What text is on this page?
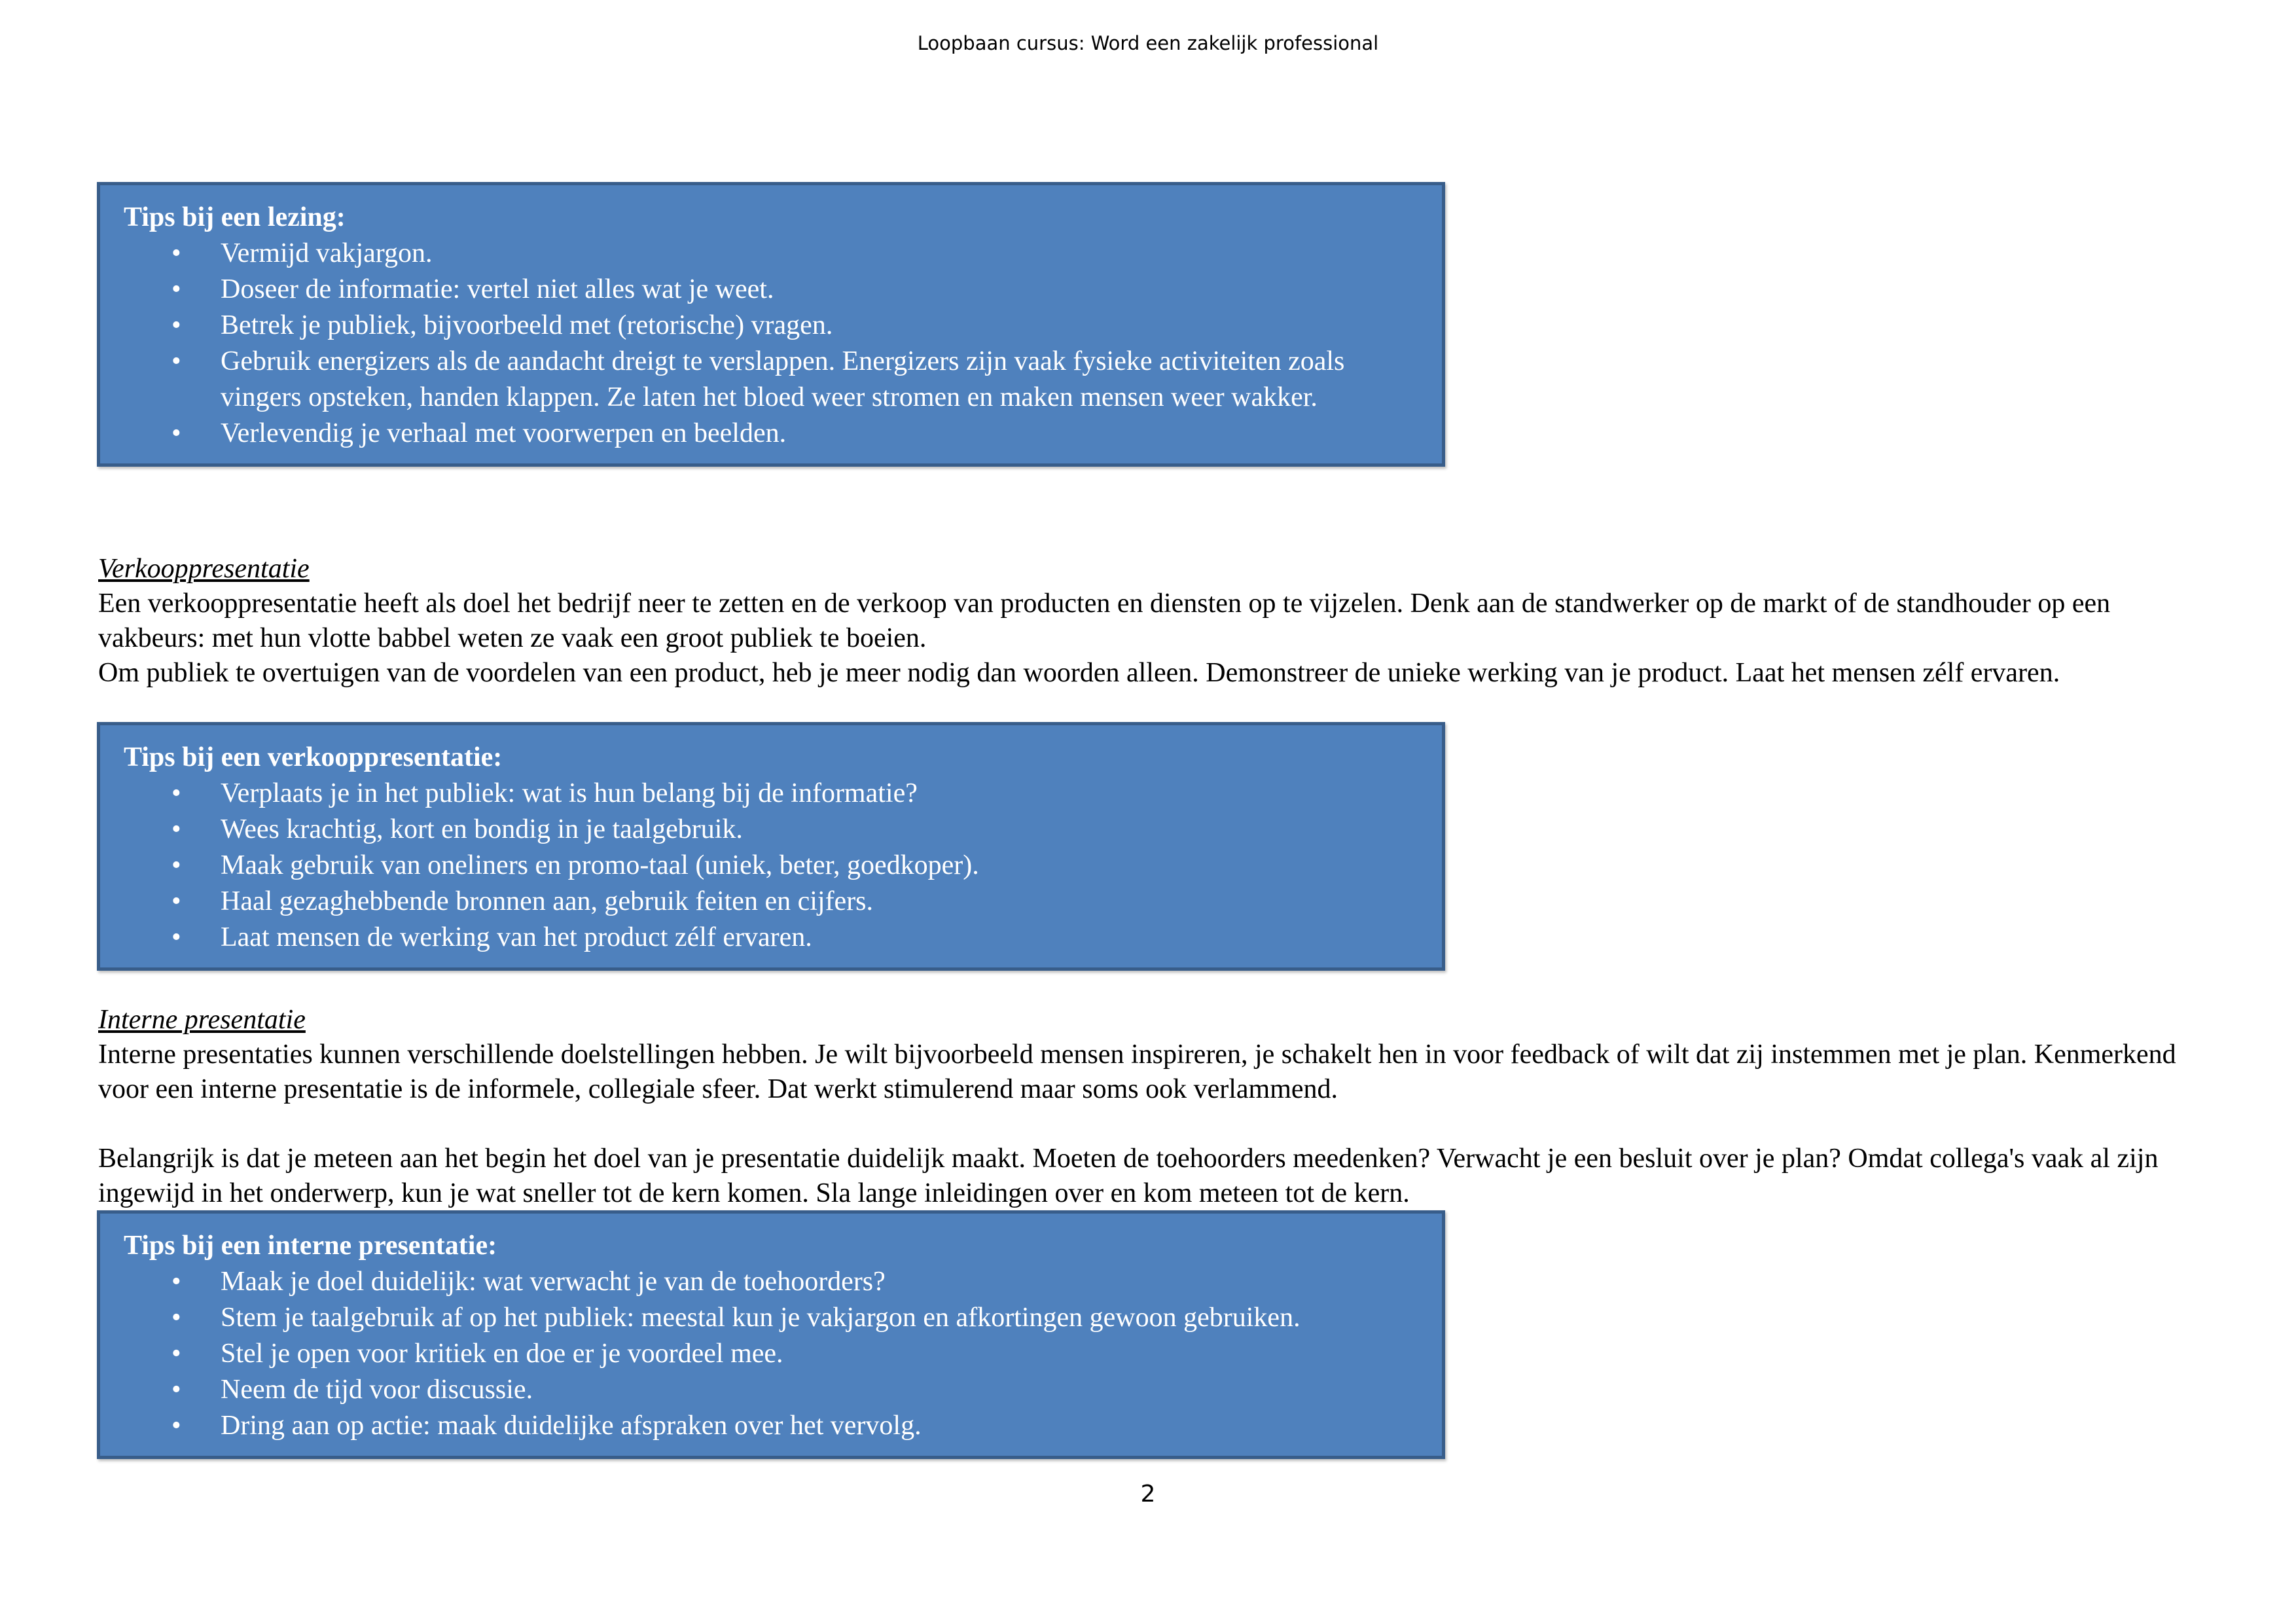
Loopbaan cursus: Word een zakelijk professional

Tips bij een lezing:

• Vermijd vakjargon.
• Doseer de informatie: vertel niet alles wat je weet.
• Betrek je publiek, bijvoorbeeld met (retorische) vragen.
• Gebruik energizers als de aandacht dreigt te verslappen. Energizers zijn vaak fysieke activiteiten zoals vingers opsteken, handen klappen. Ze laten het bloed weer stromen en maken mensen weer wakker.
• Verlevendig je verhaal met voorwerpen en beelden.

Verkooppresentatie

Een verkooppresentatie heeft als doel het bedrijf neer te zetten en de verkoop van producten en diensten op te vijzelen. Denk aan de standwerker op de markt of de standhouder op een vakbeurs: met hun vlotte babbel weten ze vaak een groot publiek te boeien.

Om publiek te overtuigen van de voordelen van een product, heb je meer nodig dan woorden alleen. Demonstreer de unieke werking van je product. Laat het mensen zélf ervaren.

Tips bij een verkooppresentatie:

• Verplaats je in het publiek: wat is hun belang bij de informatie?
• Wees krachtig, kort en bondig in je taalgebruik.
• Maak gebruik van oneliners en promo-taal (uniek, beter, goedkoper).
• Haal gezaghebbende bronnen aan, gebruik feiten en cijfers.
• Laat mensen de werking van het product zélf ervaren.

Interne presentatie

Interne presentaties kunnen verschillende doelstellingen hebben. Je wilt bijvoorbeeld mensen inspireren, je schakelt hen in voor feedback of wilt dat zij instemmen met je plan. Kenmerkend voor een interne presentatie is de informele, collegiale sfeer. Dat werkt stimulerend maar soms ook verlammend.

Belangrijk is dat je meteen aan het begin het doel van je presentatie duidelijk maakt. Moeten de toehoorders meedenken? Verwacht je een besluit over je plan? Omdat collega's vaak al zijn ingewijd in het onderwerp, kun je wat sneller tot de kern komen. Sla lange inleidingen over en kom meteen tot de kern.

Tips bij een interne presentatie:

• Maak je doel duidelijk: wat verwacht je van de toehoorders?
• Stem je taalgebruik af op het publiek: meestal kun je vakjargon en afkortingen gewoon gebruiken.
• Stel je open voor kritiek en doe er je voordeel mee.
• Neem de tijd voor discussie.
• Dring aan op actie: maak duidelijke afspraken over het vervolg.
2
